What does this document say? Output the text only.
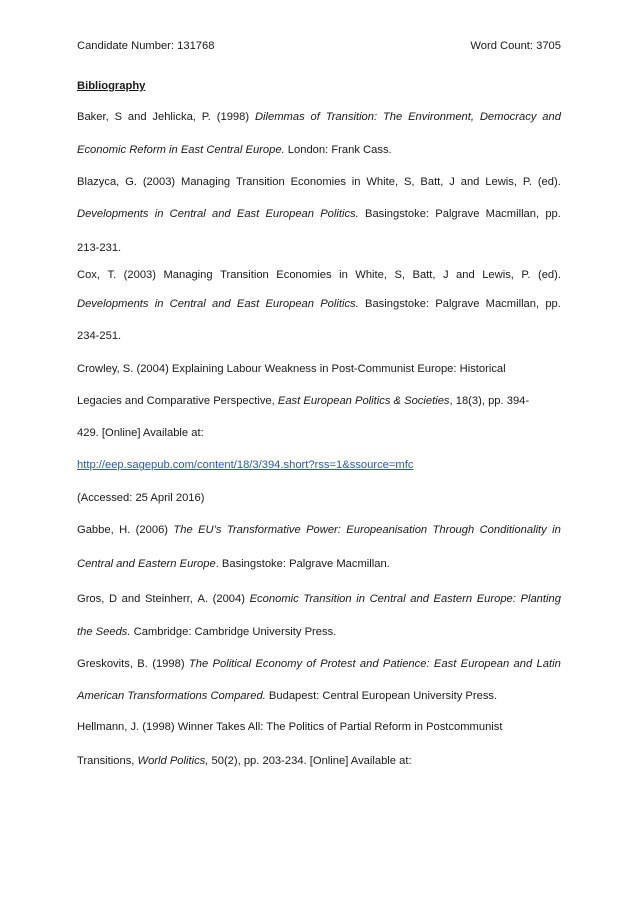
Candidate Number: 131768	Word Count: 3705
Bibliography
Baker, S and Jehlicka, P. (1998) Dilemmas of Transition: The Environment, Democracy and
Economic Reform in East Central Europe. London: Frank Cass.
Blazyca, G. (2003) Managing Transition Economies in White, S, Batt, J and Lewis, P. (ed).
Developments in Central and East European Politics. Basingstoke: Palgrave Macmillan, pp.
213-231.
Cox, T. (2003) Managing Transition Economies in White, S, Batt, J and Lewis, P. (ed).
Developments in Central and East European Politics. Basingstoke: Palgrave Macmillan, pp.
234-251.
Crowley, S. (2004) Explaining Labour Weakness in Post-Communist Europe: Historical
Legacies and Comparative Perspective, East European Politics & Societies, 18(3), pp. 394-
429. [Online] Available at:
http://eep.sagepub.com/content/18/3/394.short?rss=1&ssource=mfc
(Accessed: 25 April 2016)
Gabbe, H. (2006) The EU’s Transformative Power: Europeanisation Through Conditionality in
Central and Eastern Europe. Basingstoke: Palgrave Macmillan.
Gros, D and Steinherr, A. (2004) Economic Transition in Central and Eastern Europe: Planting
the Seeds. Cambridge: Cambridge University Press.
Greskovits, B. (1998) The Political Economy of Protest and Patience: East European and Latin
American Transformations Compared. Budapest: Central European University Press.
Hellmann, J. (1998) Winner Takes All: The Politics of Partial Reform in Postcommunist
Transitions, World Politics, 50(2), pp. 203-234. [Online] Available at:
